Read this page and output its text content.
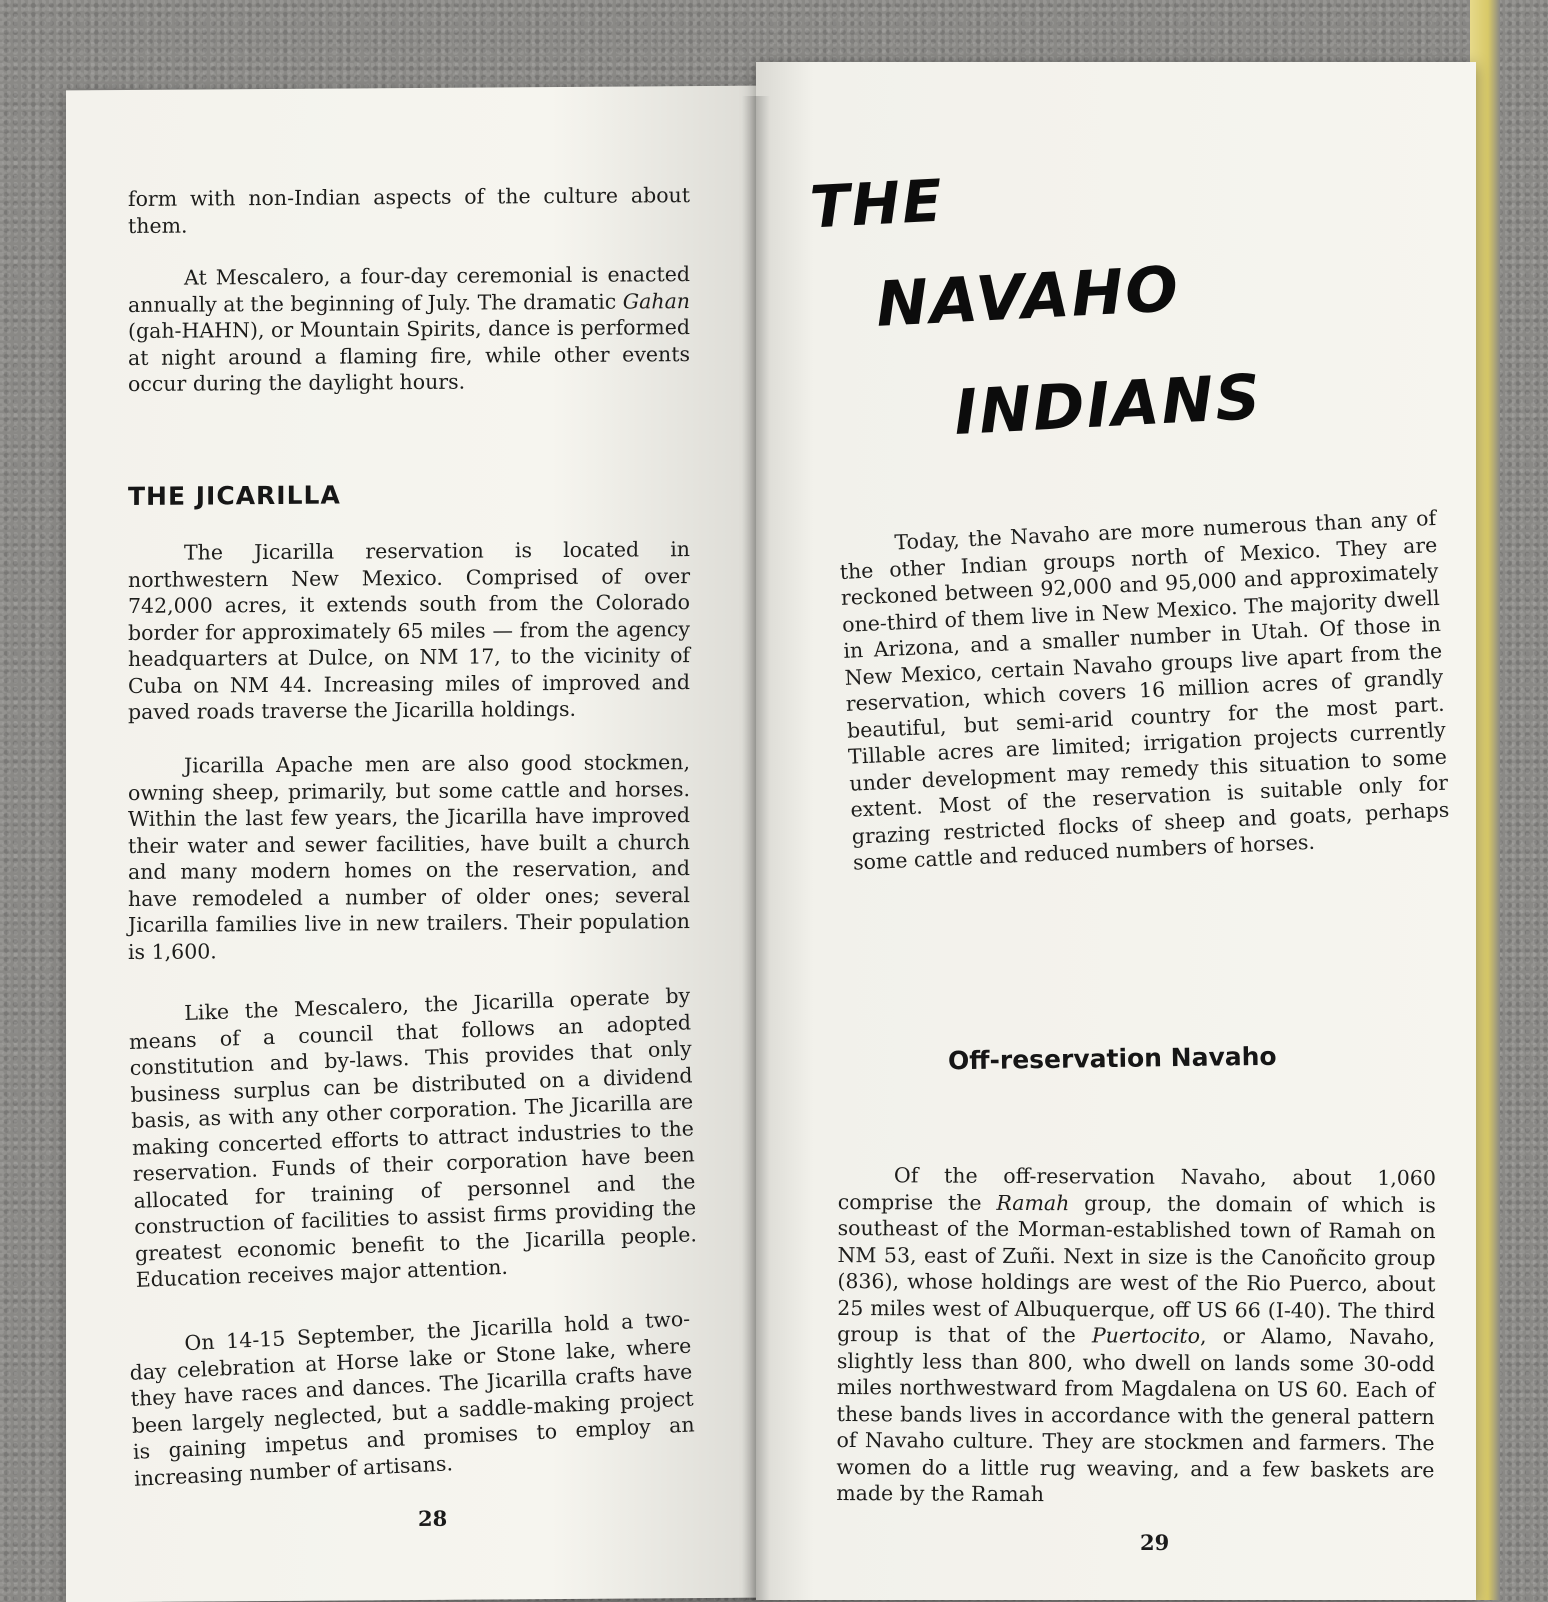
form with non-Indian aspects of the culture about them.

At Mescalero, a four-day ceremonial is enacted annually at the beginning of July. The dramatic Gahan (gah-HAHN), or Mountain Spirits, dance is performed at night around a flaming fire, while other events occur during the daylight hours.

THE JICARILLA

The Jicarilla reservation is located in northwestern New Mexico. Comprised of over 742,000 acres, it extends south from the Colorado border for approximately 65 miles — from the agency headquarters at Dulce, on NM 17, to the vicinity of Cuba on NM 44. Increasing miles of improved and paved roads traverse the Jicarilla holdings.

Jicarilla Apache men are also good stockmen, owning sheep, primarily, but some cattle and horses. Within the last few years, the Jicarilla have improved their water and sewer facilities, have built a church and many modern homes on the reservation, and have remodeled a number of older ones; several Jicarilla families live in new trailers. Their population is 1,600.

Like the Mescalero, the Jicarilla operate by means of a council that follows an adopted constitution and by-laws. This provides that only business surplus can be distributed on a dividend basis, as with any other corporation. The Jicarilla are making concerted efforts to attract industries to the reservation. Funds of their corporation have been allocated for training of personnel and the construction of facilities to assist firms providing the greatest economic benefit to the Jicarilla people. Education receives major attention.

On 14-15 September, the Jicarilla hold a two-day celebration at Horse lake or Stone lake, where they have races and dances. The Jicarilla crafts have been largely neglected, but a saddle-making project is gaining impetus and promises to employ an increasing number of artisans.

28

Today, the Navaho are more numerous than any of the other Indian groups north of Mexico. They are reckoned between 92,000 and 95,000 and approximately one-third of them live in New Mexico. The majority dwell in Arizona, and a smaller number in Utah. Of those in New Mexico, certain Navaho groups live apart from the reservation, which covers 16 million acres of grandly beautiful, but semi-arid country for the most part. Tillable acres are limited; irrigation projects currently under development may remedy this situation to some extent. Most of the reservation is suitable only for grazing restricted flocks of sheep and goats, perhaps some cattle and reduced numbers of horses.

Of the off-reservation Navaho, about 1,060 comprise the Ramah group, the domain of which is southeast of the Morman-established town of Ramah on NM 53, east of Zuñi. Next in size is the Canoñcito group (836), whose holdings are west of the Rio Puerco, about 25 miles west of Albuquerque, off US 66 (I-40). The third group is that of the Puertocito, or Alamo, Navaho, slightly less than 800, who dwell on lands some 30-odd miles northwestward from Magdalena on US 60. Each of these bands lives in accordance with the general pattern of Navaho culture. They are stockmen and farmers. The women do a little rug weaving, and a few baskets are made by the Ramah

THE

NAVAHO

INDIANS

Off-reservation Navaho

29
